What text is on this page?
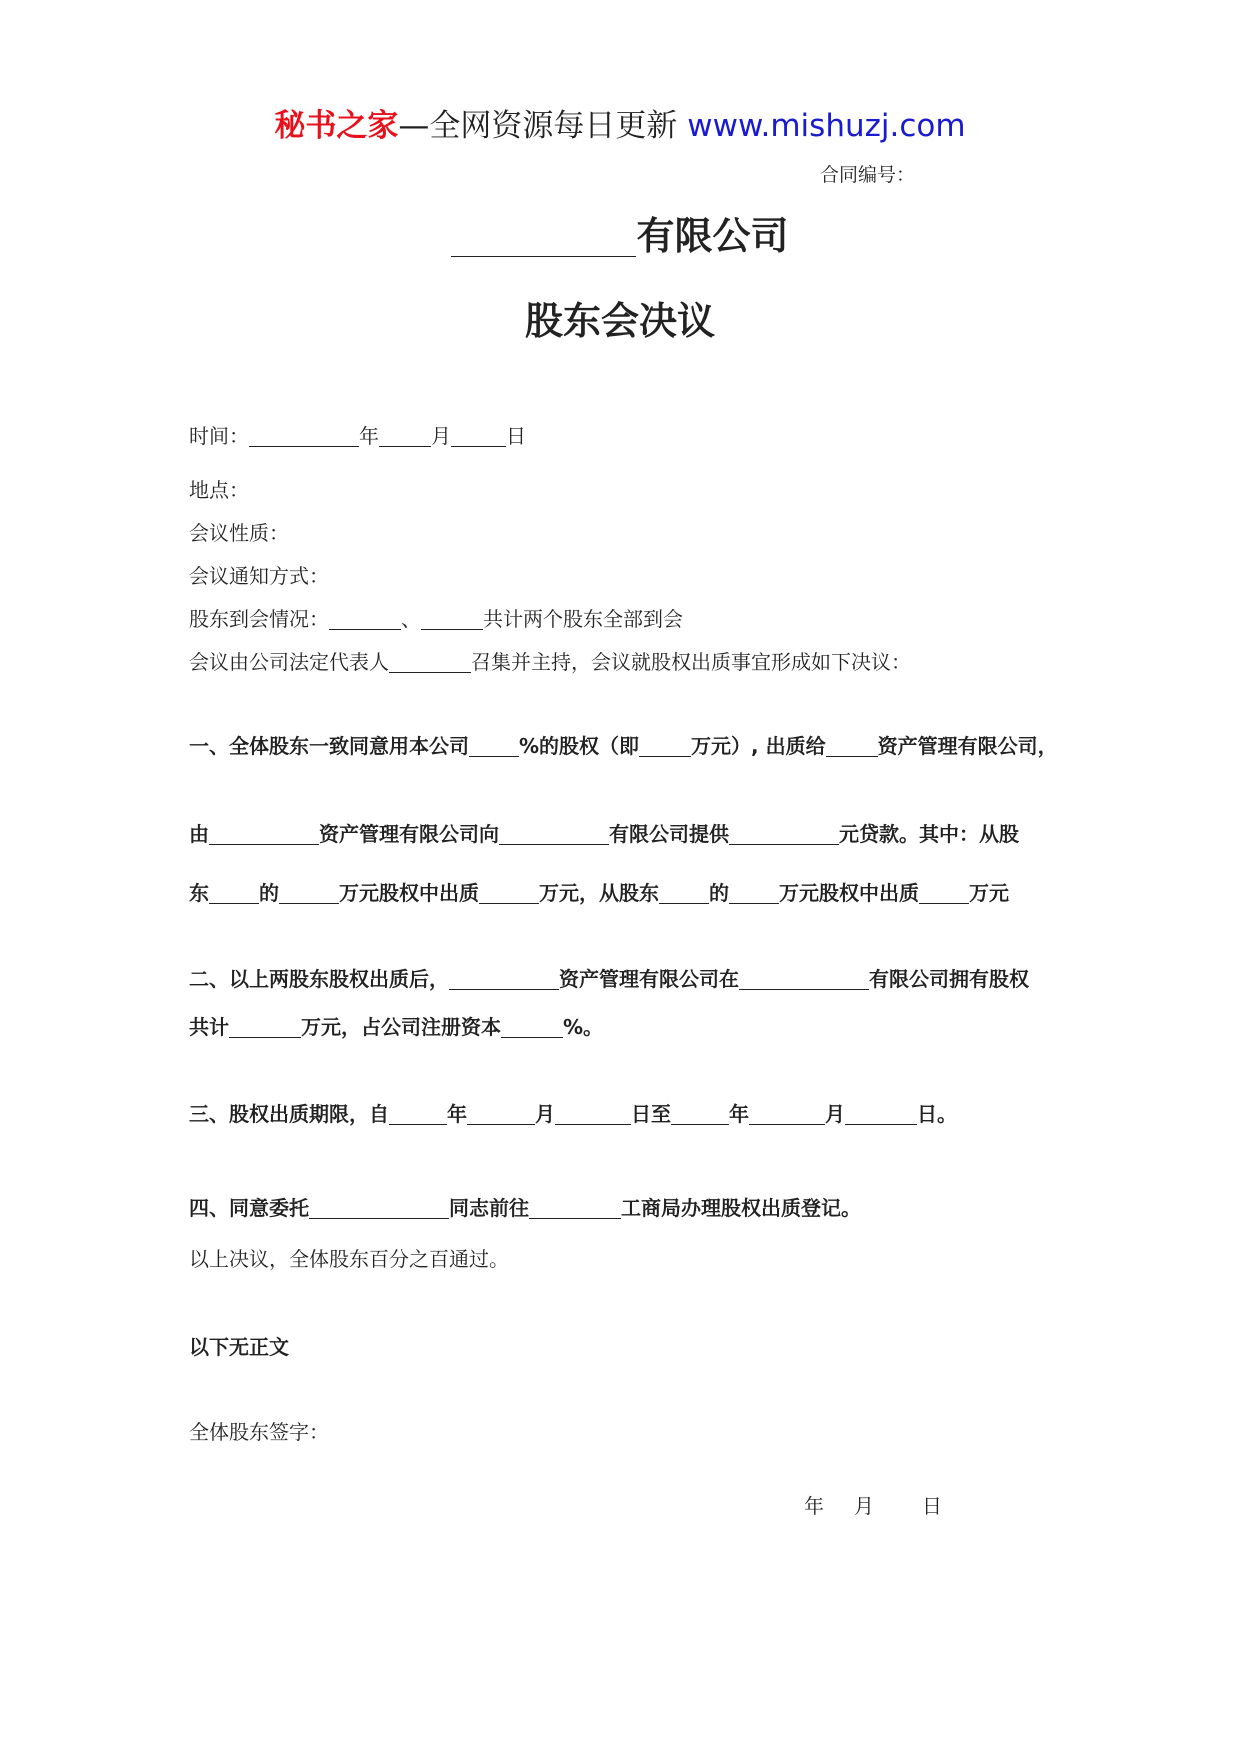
秘书之家—全网资源每日更新 www.mishuzj.com
合同编号：
有限公司
股东会决议
时间：	年	月	日
地点：
会议性质：
会议通知方式：
股东到会情况：	、	共计两个股东全部到会
会议由公司法定代表人	召集并主持，会议就股权出质事宜形成如下决议：
一、全体股东一致同意用本公司	%的股权（即	万元）, 出质给	资产管理有限公司，
由	资产管理有限公司向	有限公司提供	元贷款。其中：从股
东	的	万元股权中出质	万元，从股东	的	万元股权中出质	万元
二、以上两股东股权出质后，	资产管理有限公司在	有限公司拥有股权
共计	万元，占公司注册资本	%。
三、股权出质期限，自	年	月	日至	年	月	日。
四、同意委托	同志前往	工商局办理股权出质登记。
以上决议，全体股东百分之百通过。
以下无正文
全体股东签字：
年 月 日
